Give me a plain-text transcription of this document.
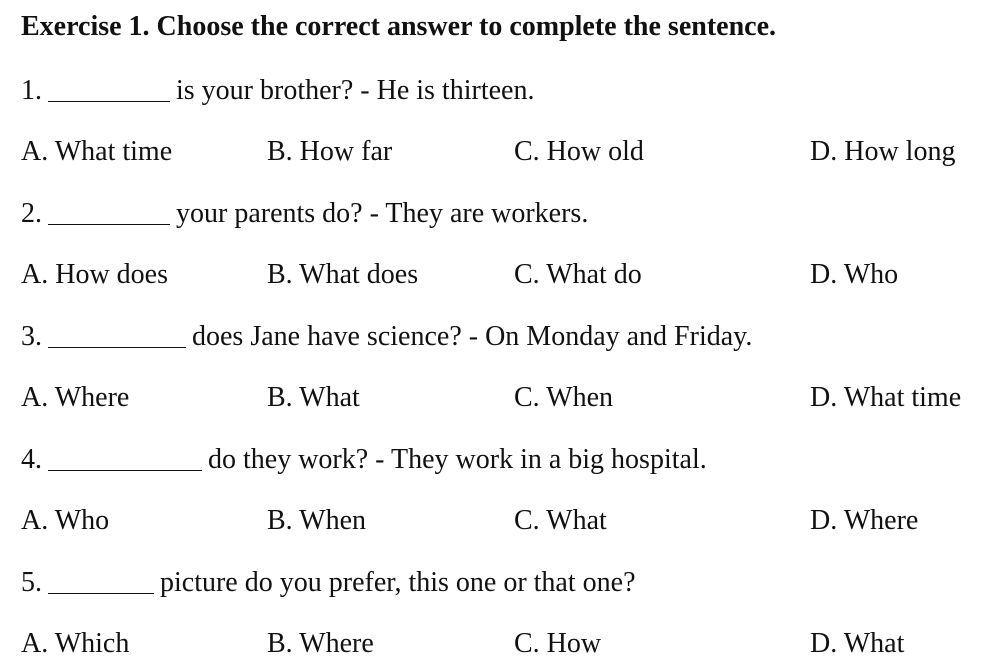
Exercise 1. Choose the correct answer to complete the sentence.
1.	is your brother? - He is thirteen.
A. What time	B. How far	C. How old	D. How long
2.	your parents do? - They are workers.
A. How does	B. What does	C. What do	D. Who
3.	does Jane have science? - On Monday and Friday.
A. Where	B. What	C. When	D. What time
4.	do they work? - They work in a big hospital.
A. Who	B. When	C. What	D. Where
5.	picture do you prefer, this one or that one?
A. Which	B. Where	C. How	D. What
